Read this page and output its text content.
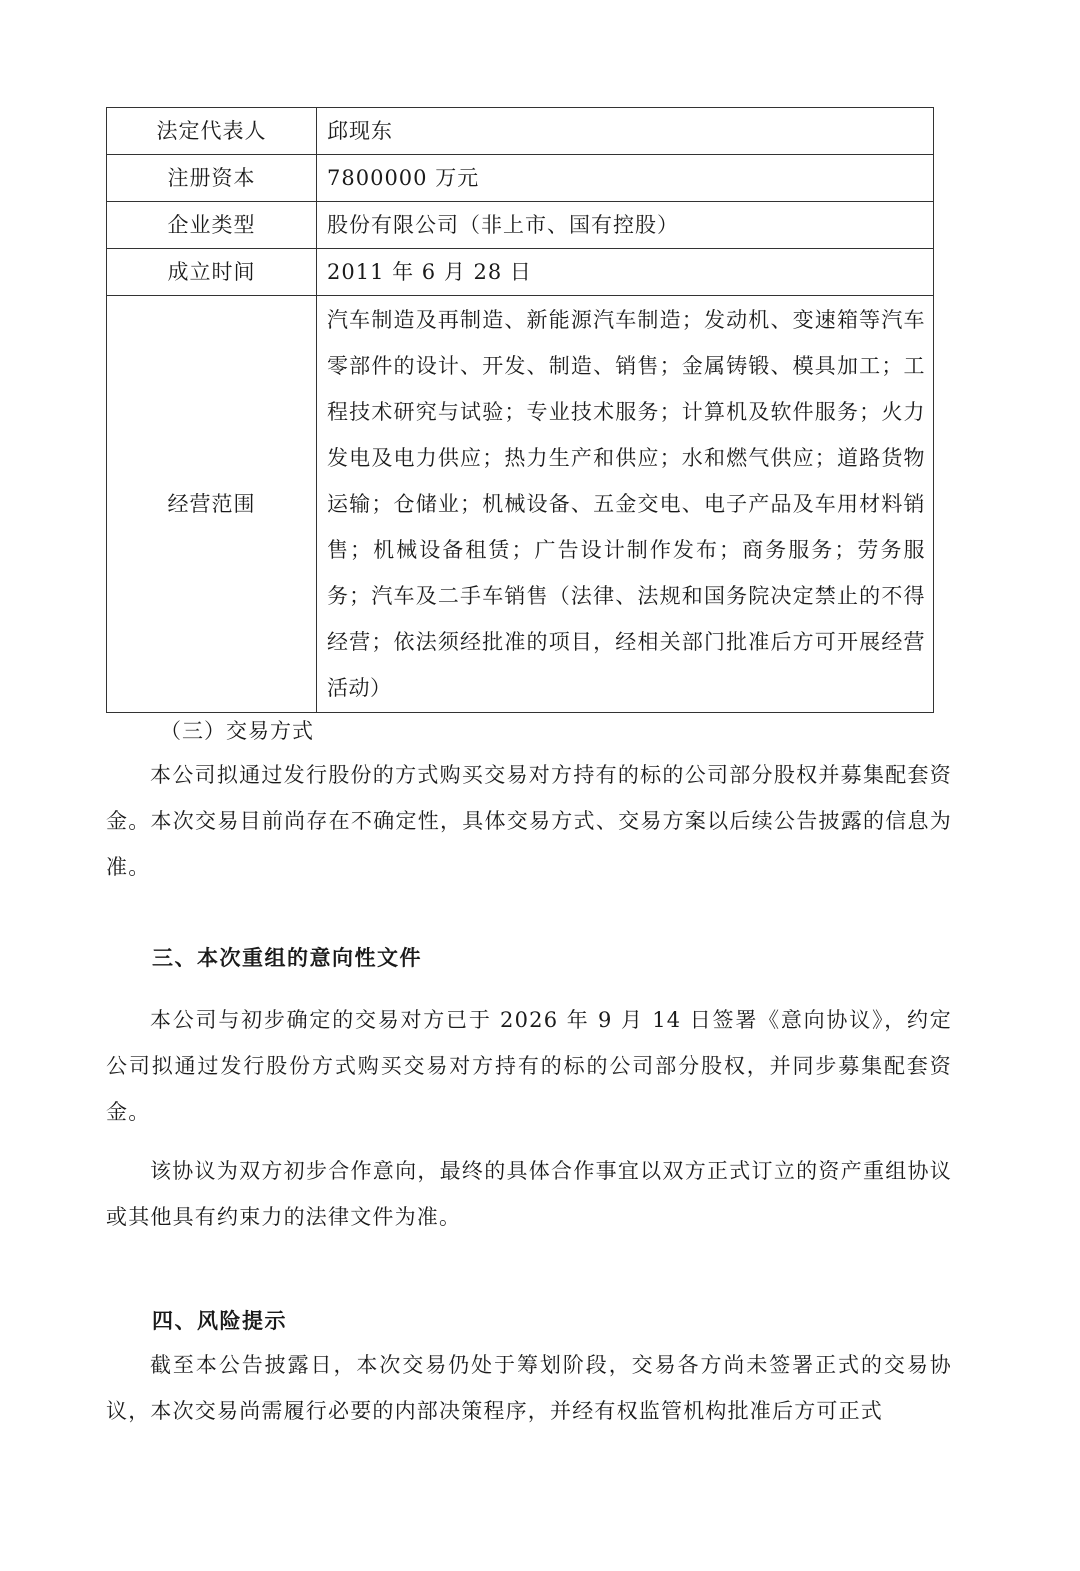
法定代表人	邱现东
注册资本	7800000 万元
企业类型	股份有限公司（非上市、国有控股）
成立时间	2011 年 6 月 28 日
经营范围	汽车制造及再制造、新能源汽车制造；发动机、变速箱等汽车零部件的设计、开发、制造、销售；金属铸锻、模具加工；工程技术研究与试验；专业技术服务；计算机及软件服务；火力发电及电力供应；热力生产和供应；水和燃气供应；道路货物运输；仓储业；机械设备、五金交电、电子产品及车用材料销售；机械设备租赁；广告设计制作发布；商务服务；劳务服务；汽车及二手车销售（法律、法规和国务院决定禁止的不得经营；依法须经批准的项目，经相关部门批准后方可开展经营活动）
（三）交易方式

本公司拟通过发行股份的方式购买交易对方持有的标的公司部分股权并募集配套资金。本次交易目前尚存在不确定性，具体交易方式、交易方案以后续公告披露的信息为准。

三、本次重组的意向性文件

本公司与初步确定的交易对方已于 2026 年 9 月 14 日签署《意向协议》，约定公司拟通过发行股份方式购买交易对方持有的标的公司部分股权，并同步募集配套资金。

该协议为双方初步合作意向，最终的具体合作事宜以双方正式订立的资产重组协议或其他具有约束力的法律文件为准。

四、风险提示

截至本公告披露日，本次交易仍处于筹划阶段，交易各方尚未签署正式的交易协议，本次交易尚需履行必要的内部决策程序，并经有权监管机构批准后方可正式
